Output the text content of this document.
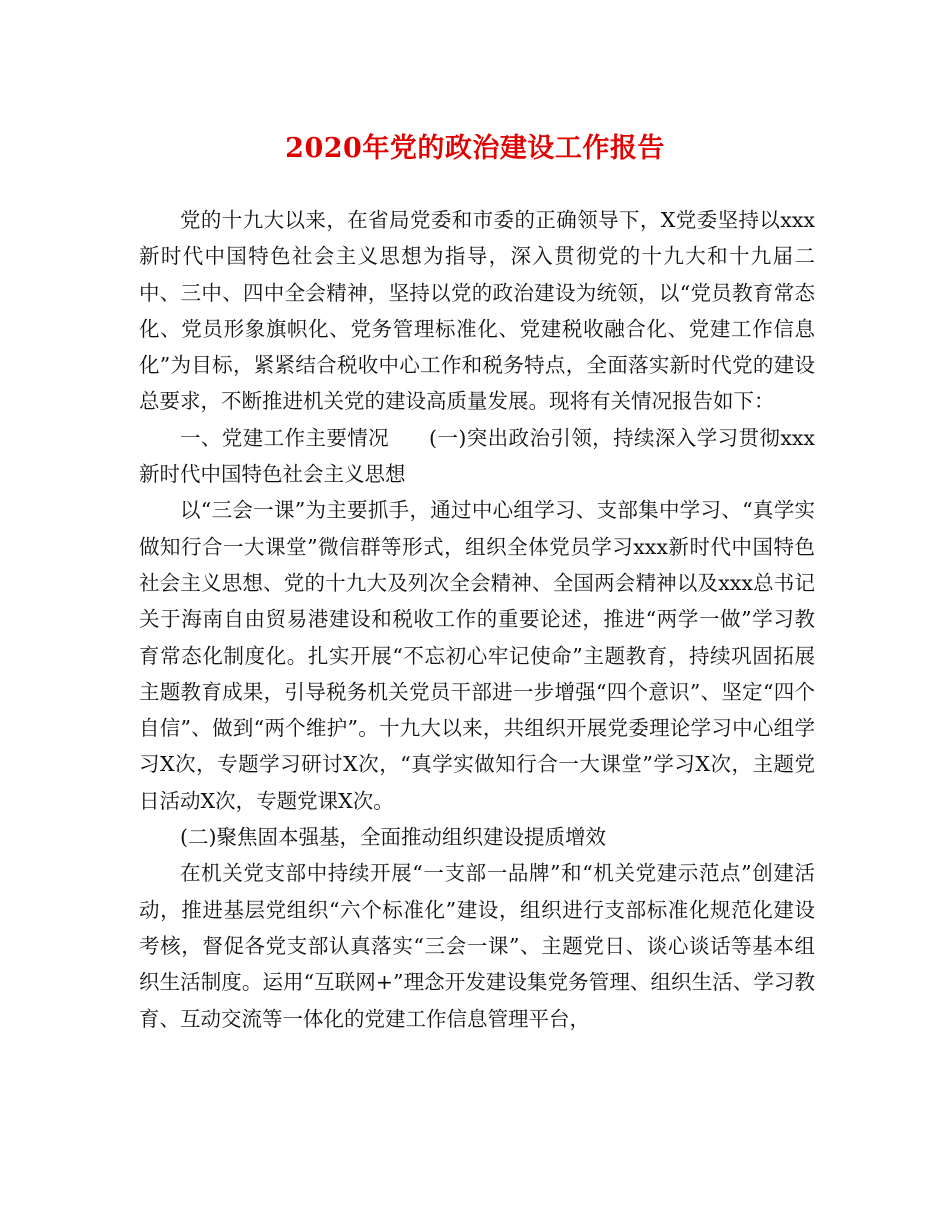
2020年党的政治建设工作报告

党的十九大以来，在省局党委和市委的正确领导下，X党委坚持以xxx新时代中国特色社会主义思想为指导，深入贯彻党的十九大和十九届二中、三中、四中全会精神，坚持以党的政治建设为统领，以“党员教育常态化、党员形象旗帜化、党务管理标准化、党建税收融合化、党建工作信息化”为目标，紧紧结合税收中心工作和税务特点，全面落实新时代党的建设总要求，不断推进机关党的建设高质量发展。现将有关情况报告如下：

一、党建工作主要情况 (一)突出政治引领，持续深入学习贯彻xxx新时代中国特色社会主义思想

以“三会一课”为主要抓手，通过中心组学习、支部集中学习、“真学实做知行合一大课堂”微信群等形式，组织全体党员学习xxx新时代中国特色社会主义思想、党的十九大及列次全会精神、全国两会精神以及xxx总书记关于海南自由贸易港建设和税收工作的重要论述，推进“两学一做”学习教育常态化制度化。扎实开展“不忘初心牢记使命”主题教育，持续巩固拓展主题教育成果，引导税务机关党员干部进一步增强“四个意识”、坚定“四个自信”、做到“两个维护”。十九大以来，共组织开展党委理论学习中心组学习X次，专题学习研讨X次，“真学实做知行合一大课堂”学习X次，主题党日活动X次，专题党课X次。

(二)聚焦固本强基，全面推动组织建设提质增效

在机关党支部中持续开展“一支部一品牌”和“机关党建示范点”创建活动，推进基层党组织“六个标准化”建设，组织进行支部标准化规范化建设考核，督促各党支部认真落实“三会一课”、主题党日、谈心谈话等基本组织生活制度。运用“互联网+”理念开发建设集党务管理、组织生活、学习教育、互动交流等一体化的党建工作信息管理平台，
